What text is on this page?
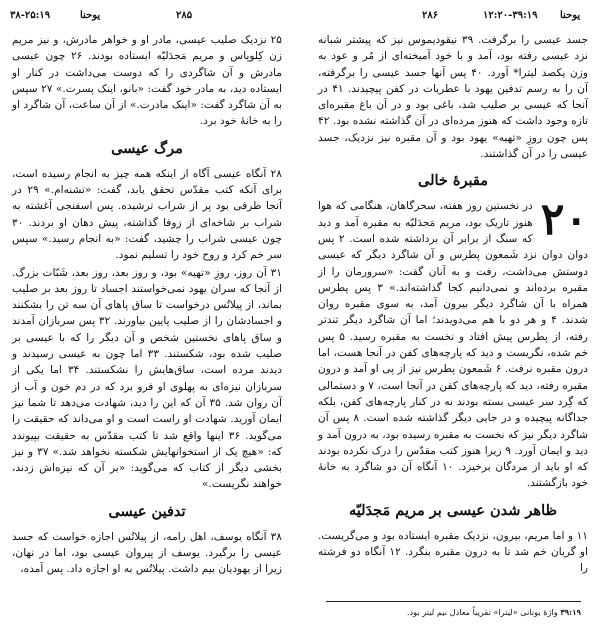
۳۸-۲۵:۱۹	یوحنا	۲۸۵	۲۸۶	۱۲:۲۰-۳۹:۱۹ یوحنا

۲۵ نزدیک صلیب عیسی، مادر او و خواهر مادرش، و نیز مریم زن کِلوپاس و مریم مَجدَلیّه ایستاده بودند. ۲۶ چون عیسی مادرش و آن شاگردی را که دوست می‌داشت در کنار او ایستاده دید، به مادر خود گفت: «بانو، اینک پسرت.» ۲۷ سپس به آن شاگرد گفت: «اینک مادرت.» از آن ساعت، آن شاگرد او را به خانهٔ خود برد.

مرگ عیسی

۲۸ آنگاه عیسی آگاه از اینکه همه چیز به انجام رسیده است، برای آنکه کتب مقدّس تحقق یابد، گفت: «تشنه‌ام.» ۲۹ در آنجا ظرفی بود پر از شراب ترشیده. پس اسفنجی آغشته به شراب بر شاخه‌ای از زوفا گذاشته، پیش دهان او بردند. ۳۰ چون عیسی شراب را چشید، گفت: «به انجام رسید.» سپس سر خم کرد و روح خود را تسلیم نمود.

۳۱ آن روز، روزِ «تهیه» بود، و روز بعد، روز بعد، شَبّات بزرگ. از آنجا که سران یهود نمی‌خواستند اجساد تا روز بعد بر صلیب بماند، از پیلاتُس درخواست تا ساق پاهای آن سه تن را بشکنند و اجسادشان را از صلیب پایین بیاورند. ۳۲ پس سربازان آمدند و ساق پاهای نخستین شخص و آن دیگر را که با عیسی بر صلیب شده بود، شکستند. ۳۳ اما چون به عیسی رسیدند و دیدند مرده است، ساق‌هایش را نشکستند. ۳۴ اما یکی از سربازان نیزه‌ای به پهلوی او فرو برد که در دم خون و آب از آن روان شد. ۳۵ آن که این را دید، شهادت می‌دهد تا شما نیز ایمان آورید. شهادت او راست است و او می‌داند که حقیقت را می‌گوید. ۳۶ اینها واقع شد تا کتب مقدّس به حقیقت بپیوندد که: «هیچ یک از استخوانهایش شکسته نخواهد شد.» ۳۷ و نیز بخشی دیگر از کتاب که می‌گوید: «بر آن که نیزه‌اش زدند، خواهند نگریست.»

تدفین عیسی

۳۸ آنگاه یوسف، اهل رامه، از پیلاتُس اجازه خواست که جسد عیسی را برگیرد. یوسف از پیروان عیسی بود، اما در نهان، زیرا از یهودیان بیم داشت. پیلاتُس به او اجازه داد. پس آمده،

جسد عیسی را برگرفت. ۳۹ نیقودیموس نیز که پیشتر شبانه نزد عیسی رفته بود، آمد و با خود آمیخته‌ای از مُر و عود به وزن یکصد لیترا* آورد. ۴۰ پس آنها جسد عیسی را برگرفته، آن را به رسم تدفین یهود با عطریات در کفن پیچیدند. ۴۱ در آنجا که عیسی بر صلیب شد، باغی بود و در آن باغ مقبره‌ای تازه وجود داشت که هنوز مرده‌ای در آن گذاشته نشده بود. ۴۲ پس چون روزِ «تهیه» یهود بود و آن مقبره نیز نزدیک، جسد عیسی را در آن گذاشتند.

مقبرهٔ خالی

۲۰
در نخستین روز هفته، سحرگاهان، هنگامی که هوا هنوز تاریک بود، مریم مَجدَلیّه به مقبره آمد و دید که سنگ از برابر آن برداشته شده است. ۲ پس دوان دوان نزد شَمعون پطرس و آن شاگرد دیگر که عیسی دوستش می‌داشت، رفت و به آنان گفت: «سرورمان را از مقبره برده‌اند و نمی‌دانیم کجا گذاشته‌اند.» ۳ پس پطرس همراه با آن شاگرد دیگر بیرون آمد، به سوی مقبره روان شدند. ۴ و هر دو با هم می‌دویدند؛ اما آن شاگرد دیگر تندتر رفته، از پطرس پیش افتاد و نخست به مقبره رسید. ۵ پس خم شده، نگریست و دید که پارچه‌های کفن در آنجا هست، اما درون مقبره نرفت. ۶ شَمعون پطرس نیز از پی او آمد و درون مقبره رفته، دید که پارچه‌های کفن در آنجا است، ۷ و دستمالی که گِرد سر عیسی بسته بودند نه در کنار پارچه‌های کفن، بلکه جداگانه پیچیده و در جایی دیگر گذاشته شده است. ۸ پس آن شاگرد دیگر نیز که نخست به مقبره رسیده بود، به درون آمد و دید و ایمان آورد. ۹ زیرا هنوز کتب مقدّس را درک نکرده بودند که او باید از مردگان برخیزد. ۱۰ آنگاه آن دو شاگرد به خانهٔ خود بازگشتند.

ظاهر شدن عیسی بر مریم مَجدَلیّه

۱۱ و اما مریم، بیرون، نزدیک مقبره ایستاده بود و می‌گریست. او گریان خم شد تا به درون مقبره بنگرد. ۱۲ آنگاه دو فرشته را

۳۹:۱۹ واژهٔ یونانی «لیترا» تقریباً معادل نیم لیتر بود.
